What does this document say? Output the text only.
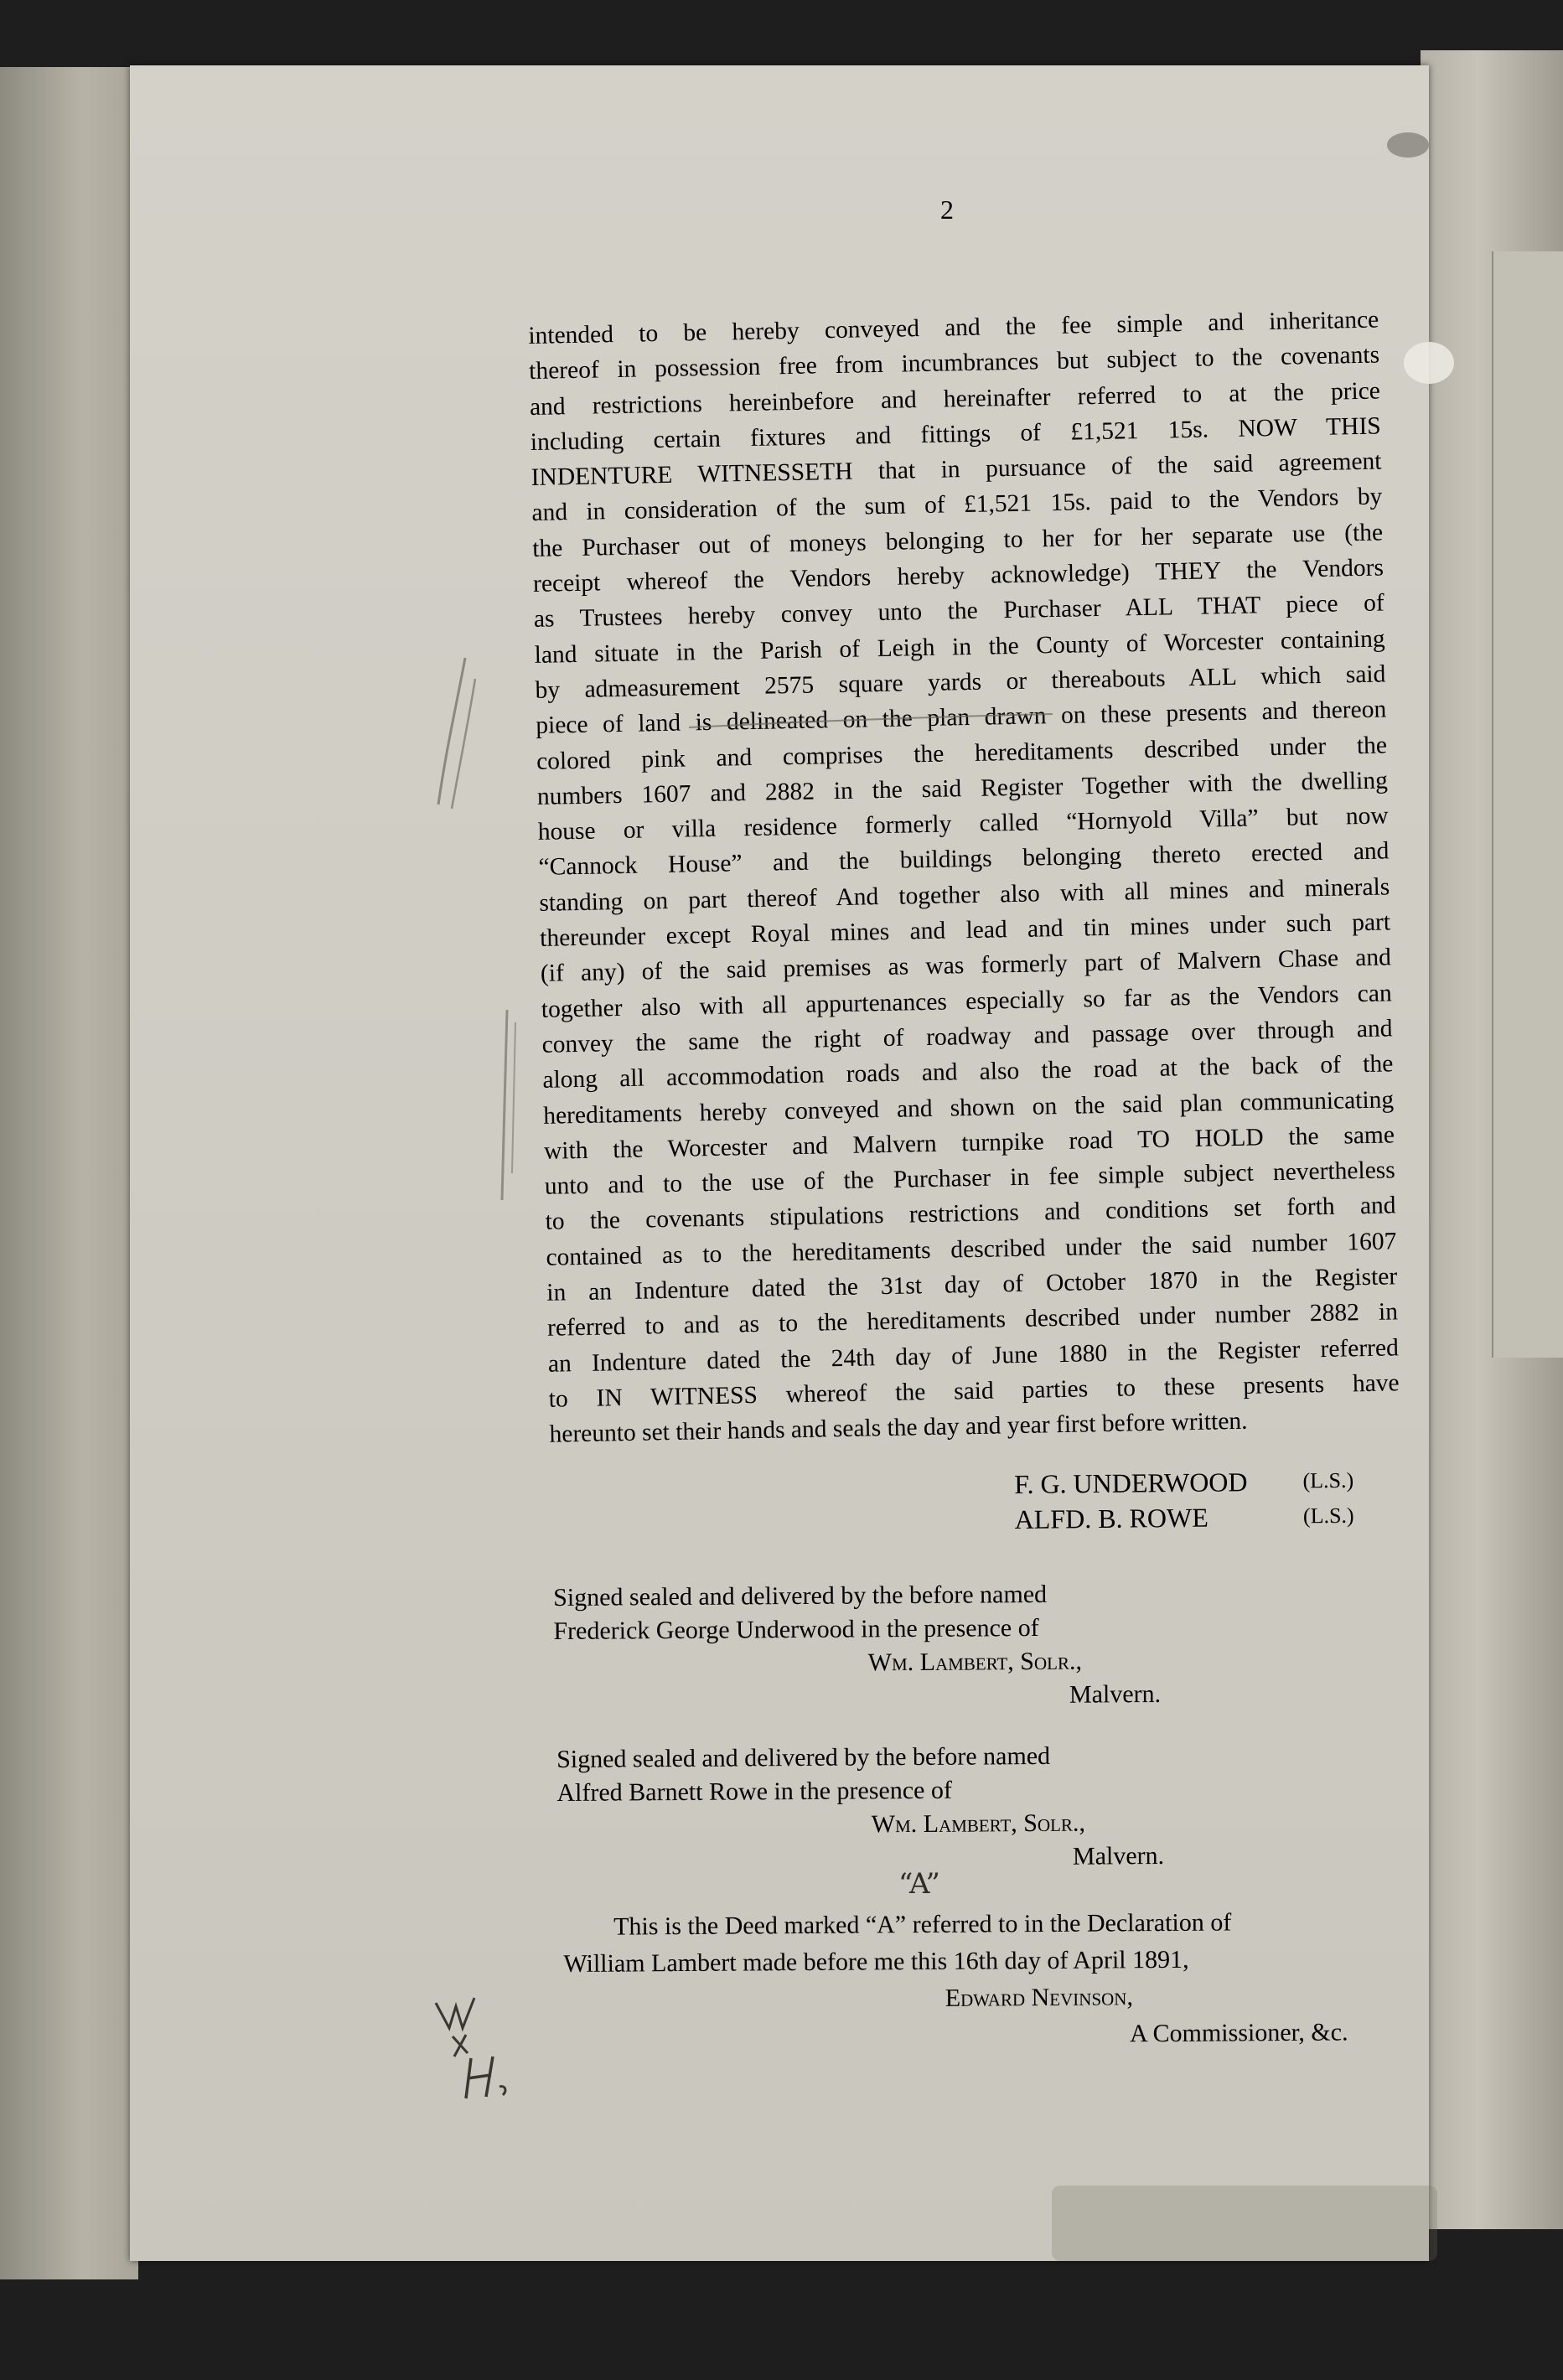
2
intended to be hereby conveyed and the fee simple and inheritance
thereof in possession free from incumbrances but subject to the covenants
and restrictions hereinbefore and hereinafter referred to at the price
including certain fixtures and fittings of £1,521 15s. NOW THIS
INDENTURE WITNESSETH that in pursuance of the said agreement
and in consideration of the sum of £1,521 15s. paid to the Vendors by
the Purchaser out of moneys belonging to her for her separate use (the
receipt whereof the Vendors hereby acknowledge) THEY the Vendors
as Trustees hereby convey unto the Purchaser ALL THAT piece of
land situate in the Parish of Leigh in the County of Worcester containing
by admeasurement 2575 square yards or thereabouts ALL which said
piece of land is delineated on the plan drawn on these presents and thereon
colored pink and comprises the hereditaments described under the
numbers 1607 and 2882 in the said Register Together with the dwelling
house or villa residence formerly called “Hornyold Villa” but now
“Cannock House” and the buildings belonging thereto erected and
standing on part thereof And together also with all mines and minerals
thereunder except Royal mines and lead and tin mines under such part
(if any) of the said premises as was formerly part of Malvern Chase and
together also with all appurtenances especially so far as the Vendors can
convey the same the right of roadway and passage over through and
along all accommodation roads and also the road at the back of the
hereditaments hereby conveyed and shown on the said plan communicating
with the Worcester and Malvern turnpike road TO HOLD the same
unto and to the use of the Purchaser in fee simple subject nevertheless
to the covenants stipulations restrictions and conditions set forth and
contained as to the hereditaments described under the said number 1607
in an Indenture dated the 31st day of October 1870 in the Register
referred to and as to the hereditaments described under number 2882 in
an Indenture dated the 24th day of June 1880 in the Register referred
to IN WITNESS whereof the said parties to these presents have
hereunto set their hands and seals the day and year first before written.
F. G. UNDERWOOD	(L.S.)
ALFD. B. ROWE	(L.S.)
Signed sealed and delivered by the before named
Frederick George Underwood in the presence of
Wm. Lambert, Solr.,
Malvern.
Signed sealed and delivered by the before named
Alfred Barnett Rowe in the presence of
Wm. Lambert, Solr.,
Malvern.
“A”
This is the Deed marked “A” referred to in the Declaration of
William Lambert made before me this 16th day of April 1891,
Edward Nevinson,
A Commissioner, &c.
